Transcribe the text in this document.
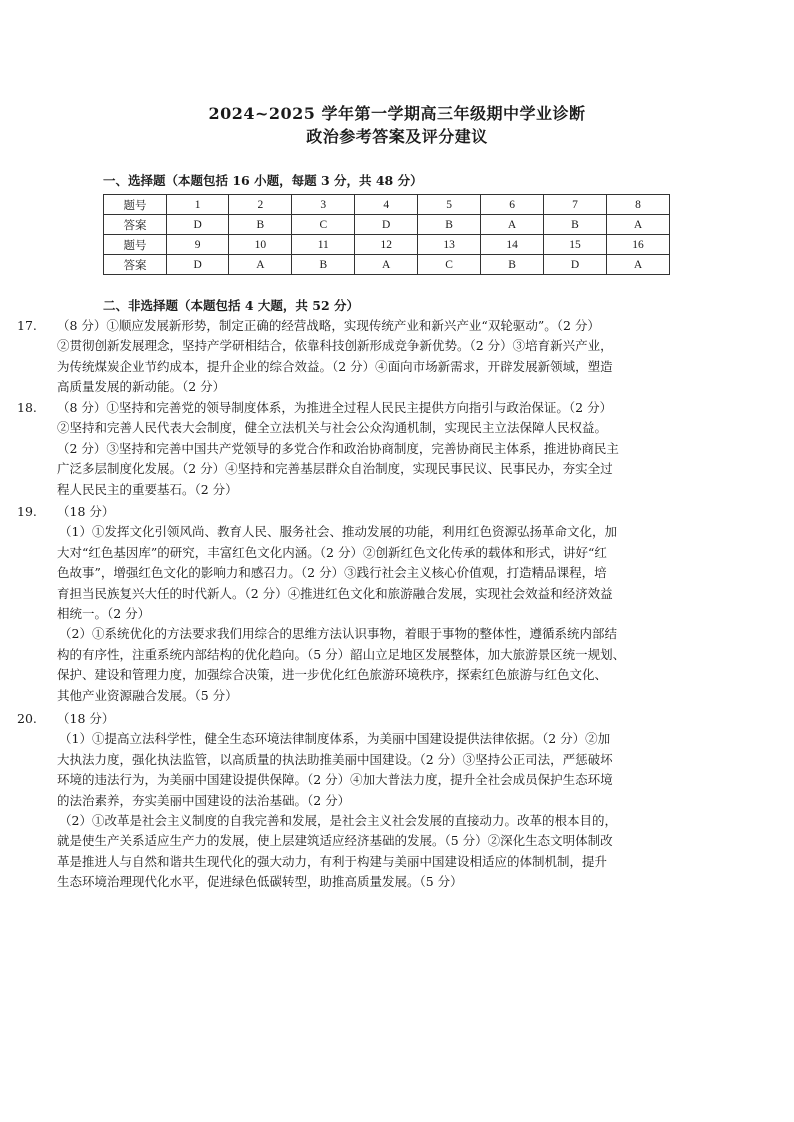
2024~2025 学年第一学期高三年级期中学业诊断
政治参考答案及评分建议
一、选择题（本题包括 16 小题，每题 3 分，共 48 分）
题号	1	2	3	4	5	6	7	8
答案	D	B	C	D	B	A	B	A
题号	9	10	11	12	13	14	15	16
答案	D	A	B	A	C	B	D	A
二、非选择题（本题包括 4 大题，共 52 分）
17. （8 分）①顺应发展新形势，制定正确的经营战略，实现传统产业和新兴产业“双轮驱动”。（2 分）
②贯彻创新发展理念，坚持产学研相结合，依靠科技创新形成竞争新优势。（2 分）③培育新兴产业，
为传统煤炭企业节约成本，提升企业的综合效益。（2 分）④面向市场新需求，开辟发展新领域，塑造
高质量发展的新动能。（2 分）
18. （8 分）①坚持和完善党的领导制度体系，为推进全过程人民民主提供方向指引与政治保证。（2 分）
②坚持和完善人民代表大会制度，健全立法机关与社会公众沟通机制，实现民主立法保障人民权益。
（2 分）③坚持和完善中国共产党领导的多党合作和政治协商制度，完善协商民主体系，推进协商民主
广泛多层制度化发展。（2 分）④坚持和完善基层群众自治制度，实现民事民议、民事民办，夯实全过
程人民民主的重要基石。（2 分）
19. （18 分）
（1）①发挥文化引领风尚、教育人民、服务社会、推动发展的功能，利用红色资源弘扬革命文化，加
大对“红色基因库”的研究，丰富红色文化内涵。（2 分）②创新红色文化传承的载体和形式，讲好“红
色故事”，增强红色文化的影响力和感召力。（2 分）③践行社会主义核心价值观，打造精品课程，培
育担当民族复兴大任的时代新人。（2 分）④推进红色文化和旅游融合发展，实现社会效益和经济效益
相统一。（2 分）
（2）①系统优化的方法要求我们用综合的思维方法认识事物，着眼于事物的整体性，遵循系统内部结
构的有序性，注重系统内部结构的优化趋向。（5 分）韶山立足地区发展整体，加大旅游景区统一规划、
保护、建设和管理力度，加强综合决策，进一步优化红色旅游环境秩序，探索红色旅游与红色文化、
其他产业资源融合发展。（5 分）
20. （18 分）
（1）①提高立法科学性，健全生态环境法律制度体系，为美丽中国建设提供法律依据。（2 分）②加
大执法力度，强化执法监管，以高质量的执法助推美丽中国建设。（2 分）③坚持公正司法，严惩破坏
环境的违法行为，为美丽中国建设提供保障。（2 分）④加大普法力度，提升全社会成员保护生态环境
的法治素养，夯实美丽中国建设的法治基础。（2 分）
（2）①改革是社会主义制度的自我完善和发展，是社会主义社会发展的直接动力。改革的根本目的，
就是使生产关系适应生产力的发展，使上层建筑适应经济基础的发展。（5 分）②深化生态文明体制改
革是推进人与自然和谐共生现代化的强大动力，有利于构建与美丽中国建设相适应的体制机制，提升
生态环境治理现代化水平，促进绿色低碳转型，助推高质量发展。（5 分）
